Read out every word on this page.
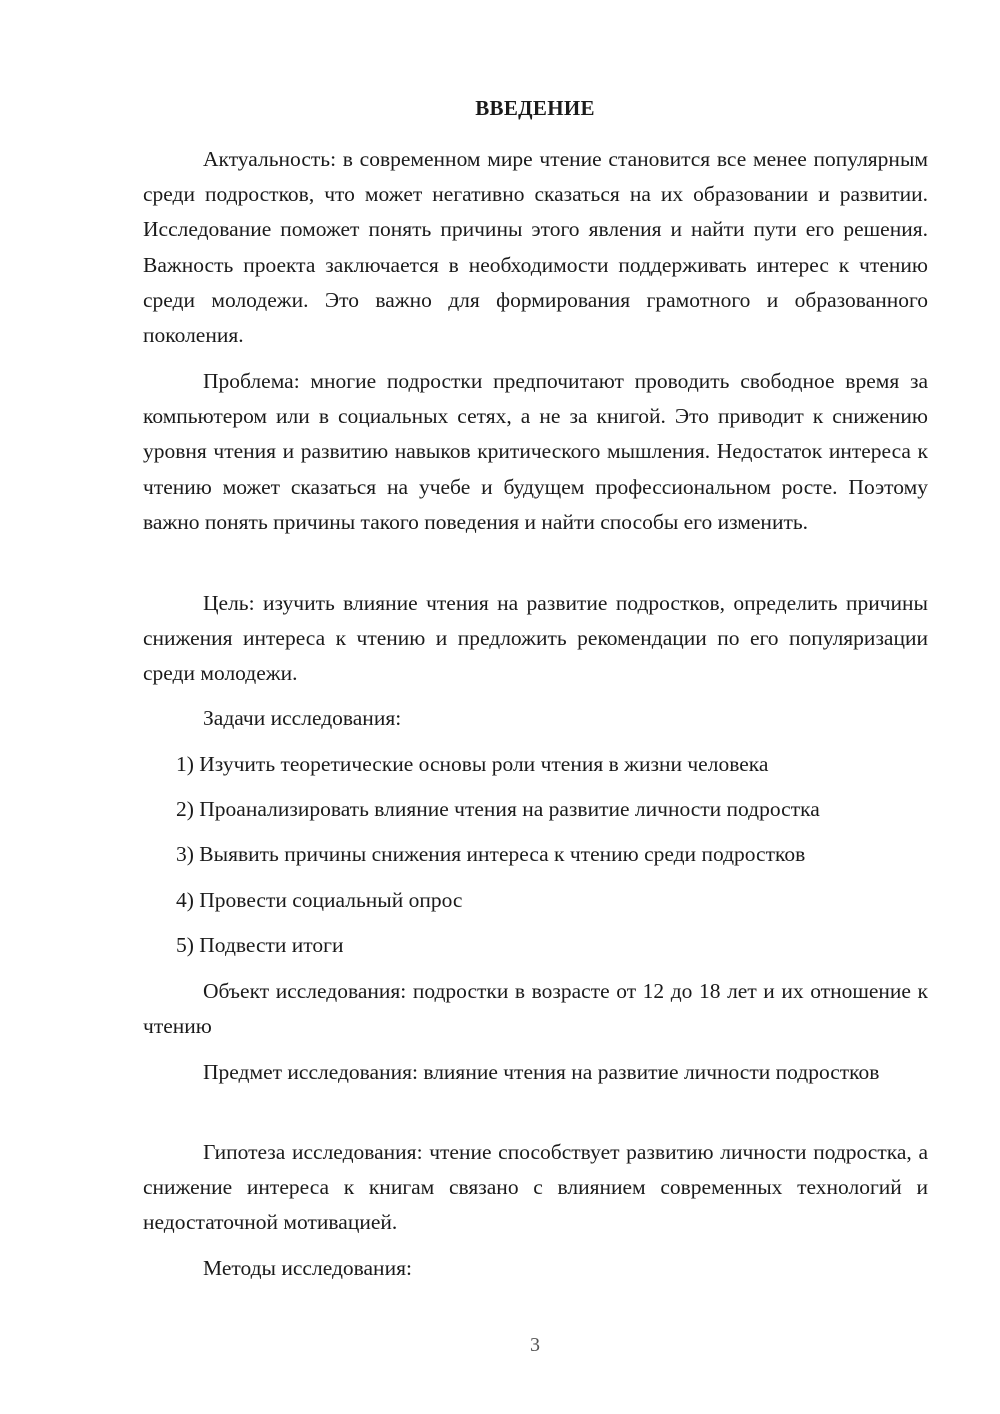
ВВЕДЕНИЕ

Актуальность: в современном мире чтение становится все менее популярным среди подростков, что может негативно сказаться на их образовании и развитии. Исследование поможет понять причины этого явления и найти пути его решения. Важность проекта заключается в необходимости поддерживать интерес к чтению среди молодежи. Это важно для формирования грамотного и образованного поколения.

Проблема: многие подростки предпочитают проводить свободное время за компьютером или в социальных сетях, а не за книгой. Это приводит к снижению уровня чтения и развитию навыков критического мышления. Недостаток интереса к чтению может сказаться на учебе и будущем профессиональном росте. Поэтому важно понять причины такого поведения и найти способы его изменить.

Цель: изучить влияние чтения на развитие подростков, определить причины снижения интереса к чтению и предложить рекомендации по его популяризации среди молодежи.

Задачи исследования:
1) Изучить теоретические основы роли чтения в жизни человека
2) Проанализировать влияние чтения на развитие личности подростка
3) Выявить причины снижения интереса к чтению среди подростков
4) Провести социальный опрос
5) Подвести итоги

Объект исследования: подростки в возрасте от 12 до 18 лет и их отношение к чтению

Предмет исследования: влияние чтения на развитие личности подростков

Гипотеза исследования: чтение способствует развитию личности подростка, а снижение интереса к книгам связано с влиянием современных технологий и недостаточной мотивацией.

Методы исследования:
3
